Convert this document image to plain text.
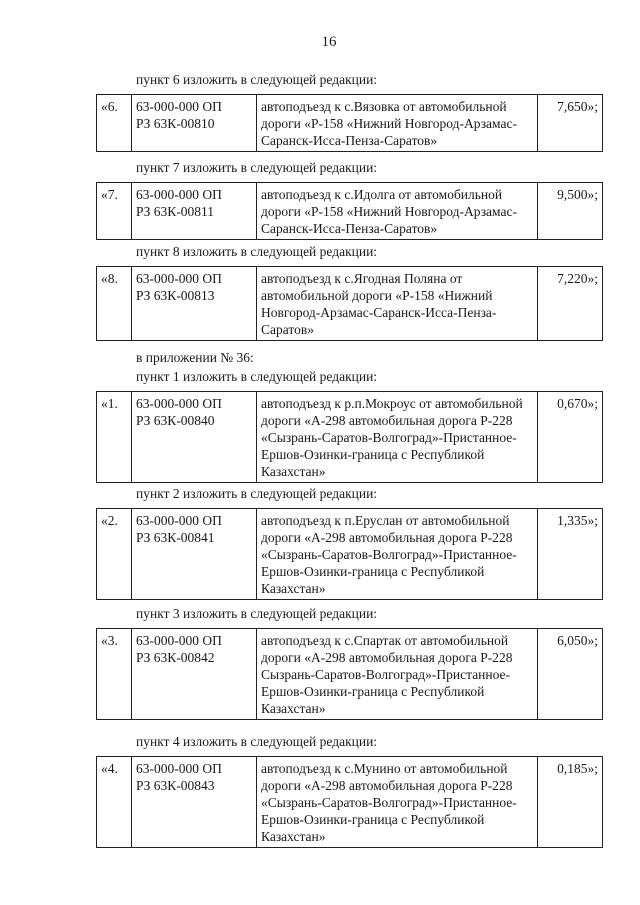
16
пункт 6 изложить в следующей редакции:
«6.	63-000-000 ОП
РЗ 63К-00810
	автоподъезд к с.Вязовка от автомобильной дороги «Р-158 «Нижний Новгород-Арзамас-Саранск-Исса-Пенза-Саратов»	7,650»;
пункт 7 изложить в следующей редакции:
«7.	63-000-000 ОП
РЗ 63К-00811
	автоподъезд к с.Идолга от автомобильной дороги «Р-158 «Нижний Новгород-Арзамас-Саранск-Исса-Пенза-Саратов»	9,500»;
пункт 8 изложить в следующей редакции:
«8.	63-000-000 ОП
РЗ 63К-00813
	автоподъезд к с.Ягодная Поляна от автомобильной дороги «Р-158 «Нижний Новгород-Арзамас-Саранск-Исса-Пенза-Саратов»	7,220»;
в приложении № 36:
пункт 1 изложить в следующей редакции:
«1.	63-000-000 ОП
РЗ 63К-00840
	автоподъезд к р.п.Мокроус от автомобильной дороги «А-298 автомобильная дорога Р-228 «Сызрань-Саратов-Волгоград»-Пристанное-Ершов-Озинки-граница с Республикой Казахстан»	0,670»;
пункт 2 изложить в следующей редакции:
«2.	63-000-000 ОП
РЗ 63К-00841
	автоподъезд к п.Еруслан от автомобильной дороги «А-298 автомобильная дорога Р-228 «Сызрань-Саратов-Волгоград»-Пристанное-Ершов-Озинки-граница с Республикой Казахстан»	1,335»;
пункт 3 изложить в следующей редакции:
«3.	63-000-000 ОП
РЗ 63К-00842
	автоподъезд к с.Спартак от автомобильной дороги «А-298 автомобильная дорога Р-228 Сызрань-Саратов-Волгоград»-Пристанное-Ершов-Озинки-граница с Республикой Казахстан»	6,050»;
пункт 4 изложить в следующей редакции:
«4.	63-000-000 ОП
РЗ 63К-00843
	автоподъезд к с.Мунино от автомобильной дороги «А-298 автомобильная дорога Р-228 «Сызрань-Саратов-Волгоград»-Пристанное-Ершов-Озинки-граница с Республикой Казахстан»	0,185»;
